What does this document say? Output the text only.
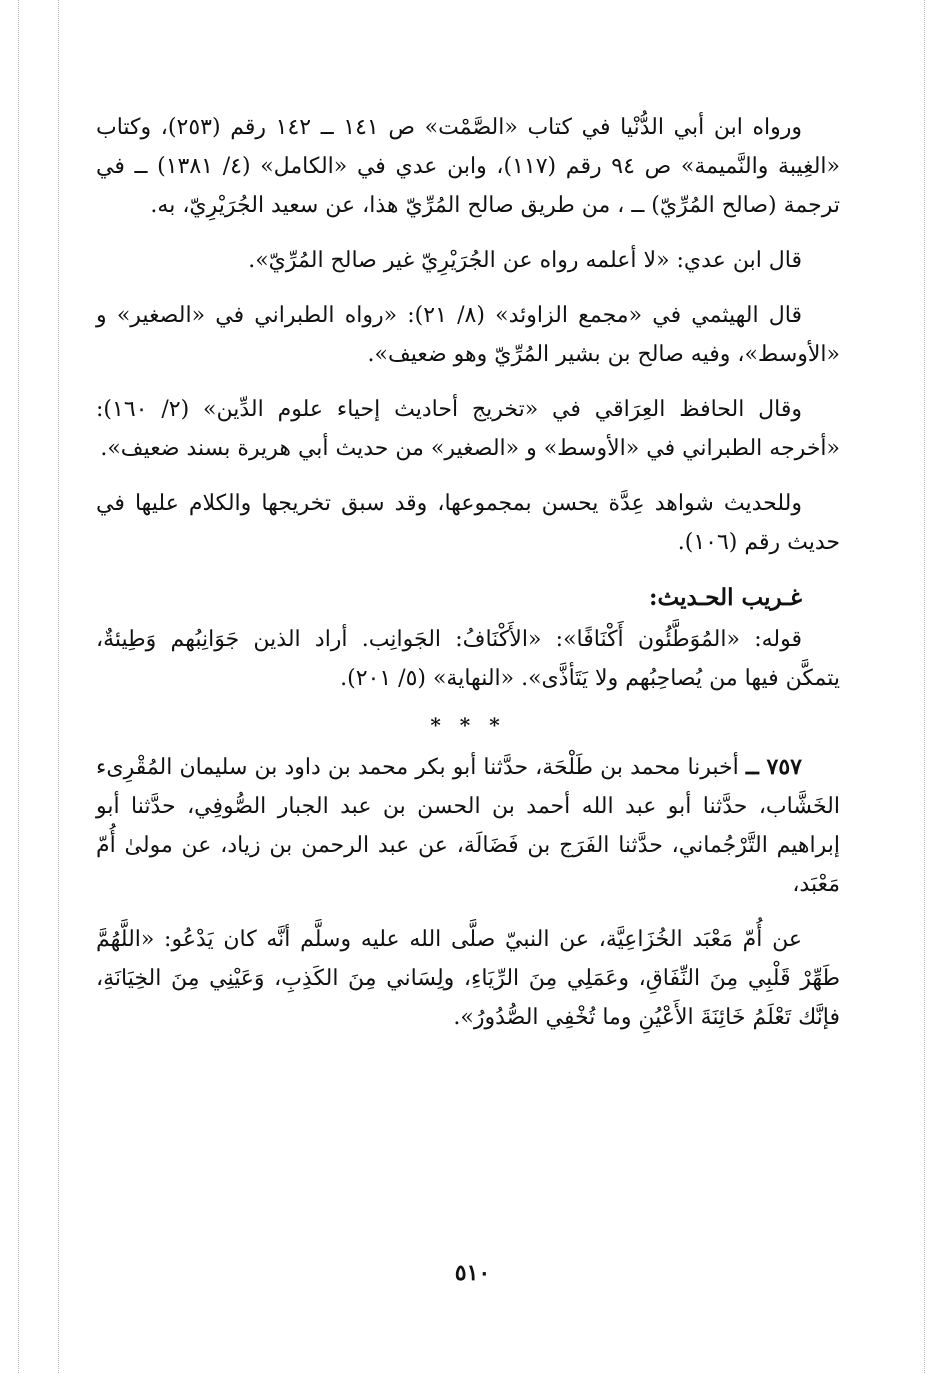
ورواه ابن أبي الدُّنْيا في كتاب «الصَّمْت» ص ١٤١ ــ ١٤٢ رقم (٢٥٣)، وكتاب «الغِيبة والنَّميمة» ص ٩٤ رقم (١١٧)، وابن عدي في «الكامل» (٤/ ١٣٨١) ــ في ترجمة (صالح المُرِّيّ) ــ ، من طريق صالح المُرِّيّ هذا، عن سعيد الجُرَيْرِيّ، به.

قال ابن عدي: «لا أعلمه رواه عن الجُرَيْرِيّ غير صالح المُرِّيّ».

قال الهيثمي في «مجمع الزاوئد» (٨/ ٢١): «رواه الطبراني في «الصغير» و «الأوسط»، وفيه صالح بن بشير المُرِّيّ وهو ضعيف».

وقال الحافظ العِرَاقي في «تخريج أحاديث إحياء علوم الدِّين» (٢/ ١٦٠): «أخرجه الطبراني في «الأوسط» و «الصغير» من حديث أبي هريرة بسند ضعيف».

وللحديث شواهد عِدَّة يحسن بمجموعها، وقد سبق تخريجها والكلام عليها في حديث رقم (١٠٦).

غـريب الحـديث:

قوله: «المُوَطَّئُون أَكْنَافًا»: «الأَكْنَافُ: الجَوانِب. أراد الذين جَوَانِبُهم وَطِيئةٌ، يتمكَّن فيها من يُصاحِبُهم ولا يَتَأذَّى». «النهاية» (٥/ ٢٠١).

* * *

٧٥٧ ــ أخبرنا محمد بن طَلْحَة، حدَّثنا أبو بكر محمد بن داود بن سليمان المُقْرِىء الخَشَّاب، حدَّثنا أبو عبد الله أحمد بن الحسن بن عبد الجبار الصُّوفِي، حدَّثنا أبو إبراهيم التَّرْجُماني، حدَّثنا الفَرَج بن فَضَالَة، عن عبد الرحمن بن زياد، عن مولىٰ أُمّ مَعْبَد،

عن أُمّ مَعْبَد الخُزَاعِيَّة، عن النبيّ صلَّى الله عليه وسلَّم أنَّه كان يَدْعُو: «اللَّهُمَّ طَهِّرْ قَلْبِي مِنَ النِّفَاقِ، وعَمَلِي مِنَ الرِّيَاءِ، ولِسَاني مِنَ الكَذِبِ، وَعَيْنِي مِنَ الخِيَانَةِ، فإنَّك تَعْلَمُ خَائِنَةَ الأَعْيُنِ وما تُخْفِي الصُّدُورُ».

٥١٠
